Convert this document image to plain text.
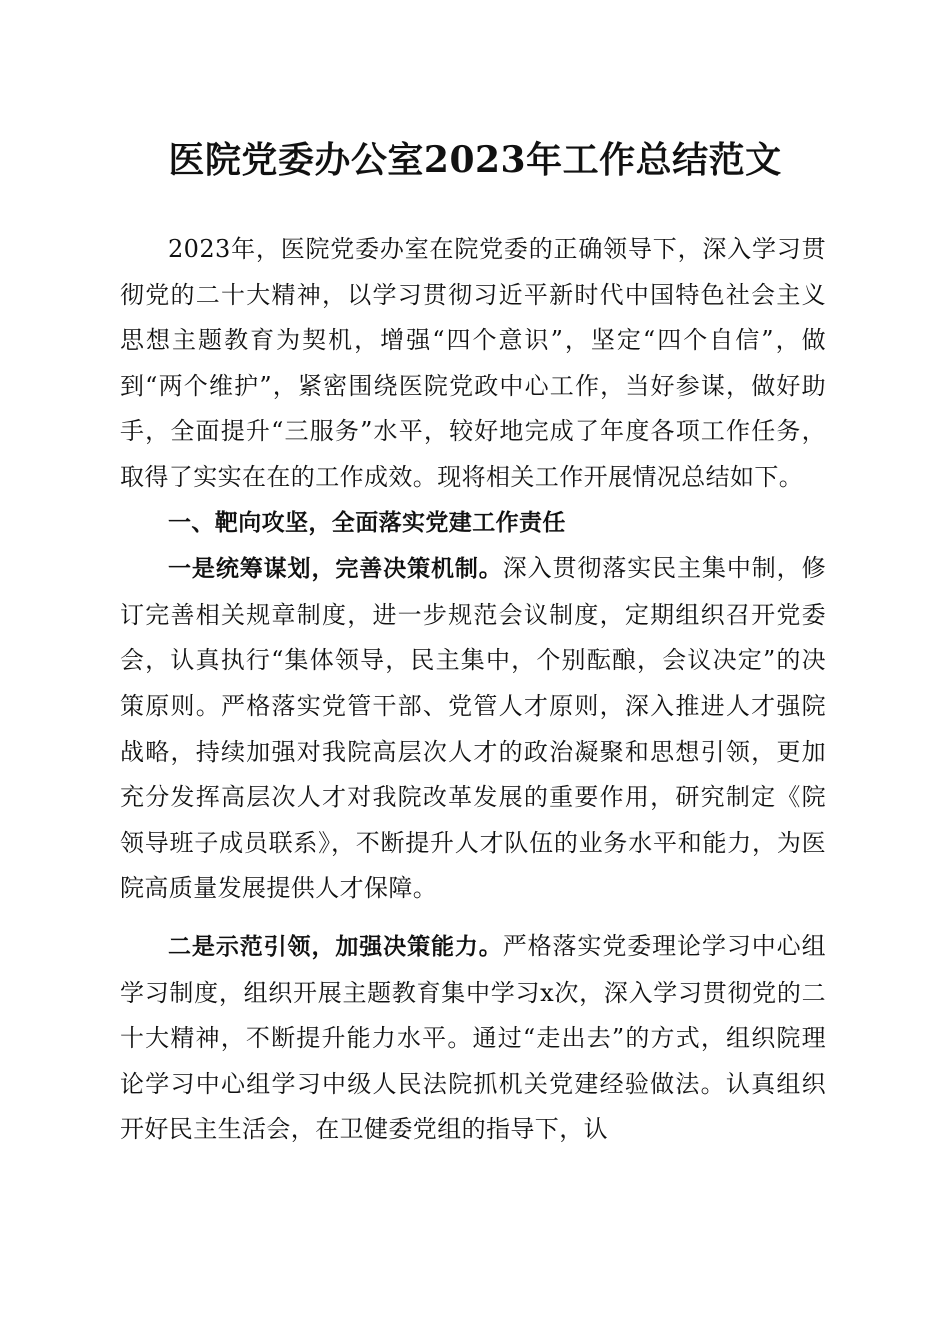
医院党委办公室2023年工作总结范文

2023年，医院党委办室在院党委的正确领导下，深入学习贯彻党的二十大精神，以学习贯彻习近平新时代中国特色社会主义思想主题教育为契机，增强“四个意识”，坚定“四个自信”，做到“两个维护”，紧密围绕医院党政中心工作，当好参谋，做好助手，全面提升“三服务”水平，较好地完成了年度各项工作任务，取得了实实在在的工作成效。现将相关工作开展情况总结如下。

一、靶向攻坚，全面落实党建工作责任

一是统筹谋划，完善决策机制。深入贯彻落实民主集中制，修订完善相关规章制度，进一步规范会议制度，定期组织召开党委会，认真执行“集体领导，民主集中，个别酝酿，会议决定”的决策原则。严格落实党管干部、党管人才原则，深入推进人才强院战略，持续加强对我院高层次人才的政治凝聚和思想引领，更加充分发挥高层次人才对我院改革发展的重要作用，研究制定《院领导班子成员联系》，不断提升人才队伍的业务水平和能力，为医院高质量发展提供人才保障。

二是示范引领，加强决策能力。严格落实党委理论学习中心组学习制度，组织开展主题教育集中学习x次，深入学习贯彻党的二十大精神，不断提升能力水平。通过“走出去”的方式，组织院理论学习中心组学习中级人民法院抓机关党建经验做法。认真组织开好民主生活会，在卫健委党组的指导下，认
